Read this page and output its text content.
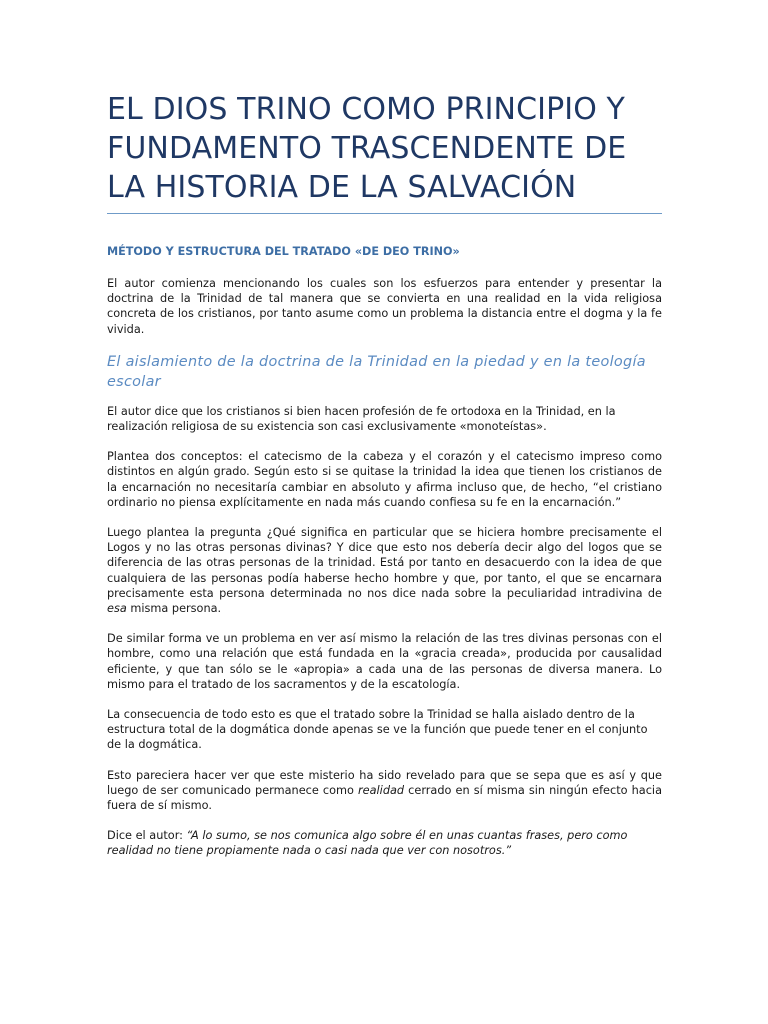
EL DIOS TRINO COMO PRINCIPIO Y FUNDAMENTO TRASCENDENTE DE LA HISTORIA DE LA SALVACIÓN
MÉTODO Y ESTRUCTURA DEL TRATADO «DE DEO TRINO»

El autor comienza mencionando los cuales son los esfuerzos para entender y presentar la doctrina de la Trinidad de tal manera que se convierta en una realidad en la vida religiosa concreta de los cristianos, por tanto asume como un problema la distancia entre el dogma y la fe vivida.

El aislamiento de la doctrina de la Trinidad en la piedad y en la teología escolar

El autor dice que los cristianos si bien hacen profesión de fe ortodoxa en la Trinidad, en la realización religiosa de su existencia son casi exclusivamente «monoteístas».

Plantea dos conceptos: el catecismo de la cabeza y el corazón y el catecismo impreso como distintos en algún grado. Según esto si se quitase la trinidad la idea que tienen los cristianos de la encarnación no necesitaría cambiar en absoluto y afirma incluso que, de hecho, “el cristiano ordinario no piensa explícitamente en nada más cuando confiesa su fe en la encarnación.”

Luego plantea la pregunta ¿Qué significa en particular que se hiciera hombre precisamente el Logos y no las otras personas divinas? Y dice que esto nos debería decir algo del logos que se diferencia de las otras personas de la trinidad. Está por tanto en desacuerdo con la idea de que cualquiera de las personas podía haberse hecho hombre y que, por tanto, el que se encarnara precisamente esta persona determinada no nos dice nada sobre la peculiaridad intradivina de esa misma persona.

De similar forma ve un problema en ver así mismo la relación de las tres divinas personas con el hombre, como una relación que está fundada en la «gracia creada», producida por causalidad eficiente, y que tan sólo se le «apropia» a cada una de las personas de diversa manera. Lo mismo para el tratado de los sacramentos y de la escatología.

La consecuencia de todo esto es que el tratado sobre la Trinidad se halla aislado dentro de la estructura total de la dogmática donde apenas se ve la función que puede tener en el conjunto de la dogmática.

Esto pareciera hacer ver que este misterio ha sido revelado para que se sepa que es así y que luego de ser comunicado permanece como realidad cerrado en sí misma sin ningún efecto hacia fuera de sí mismo.

Dice el autor: “A lo sumo, se nos comunica algo sobre él en unas cuantas frases, pero como realidad no tiene propiamente nada o casi nada que ver con nosotros.”
